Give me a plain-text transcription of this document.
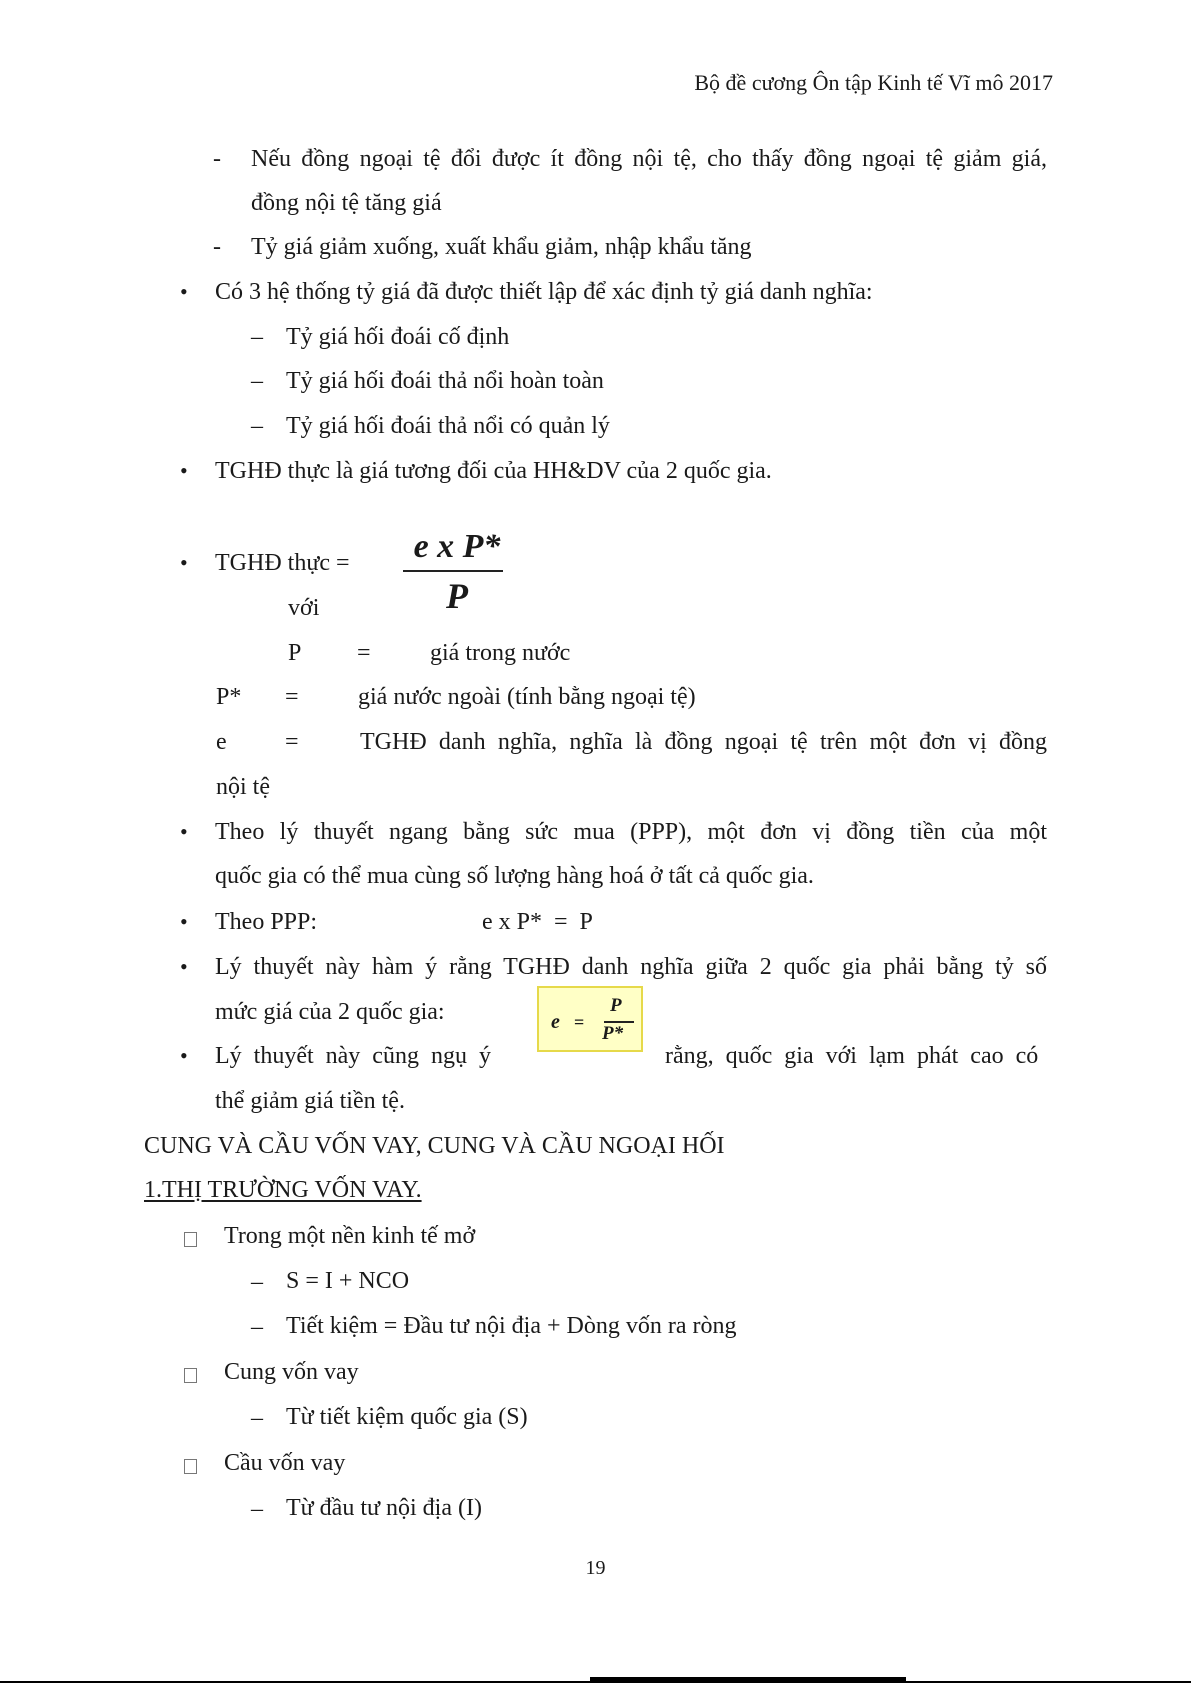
Bộ đề cương Ôn tập Kinh tế Vĩ mô 2017
- Nếu đồng ngoại tệ đổi được ít đồng nội tệ, cho thấy đồng ngoại tệ giảm giá,
đồng nội tệ tăng giá
- Tỷ giá giảm xuống, xuất khẩu giảm, nhập khẩu tăng
• Có 3 hệ thống tỷ giá đã được thiết lập để xác định tỷ giá danh nghĩa:
– Tỷ giá hối đoái cố định
– Tỷ giá hối đoái thả nổi hoàn toàn
– Tỷ giá hối đoái thả nổi có quản lý
• TGHĐ thực là giá tương đối của HH&DV của 2 quốc gia.
• TGHĐ thực =	e x P*
P
với
P = giá trong nước
P* = giá nước ngoài (tính bằng ngoại tệ)
e =	TGHĐ danh nghĩa, nghĩa là đồng ngoại tệ trên một đơn vị đồng
nội tệ
• Theo lý thuyết ngang bằng sức mua (PPP), một đơn vị đồng tiền của một
quốc gia có thể mua cùng số lượng hàng hoá ở tất cả quốc gia.
• Theo PPP:	e x P*  =  P
• Lý thuyết này hàm ý rằng TGHĐ danh nghĩa giữa 2 quốc gia phải bằng tỷ số
mức giá của 2 quốc gia:	e =
P
P*
• Lý  thuyết  này  cũng  ngụ  ý	rằng,  quốc  gia  với  lạm  phát  cao  có
thể giảm giá tiền tệ.
CUNG VÀ CẦU VỐN VAY, CUNG VÀ CẦU NGOẠI HỐI
1.THỊ TRƯỜNG VỐN VAY.
Trong một nền kinh tế mở
– S = I + NCO
– Tiết kiệm = Đầu tư nội địa + Dòng vốn ra ròng
Cung vốn vay
– Từ tiết kiệm quốc gia (S)
Cầu vốn vay
– Từ đầu tư nội địa (I)
19
